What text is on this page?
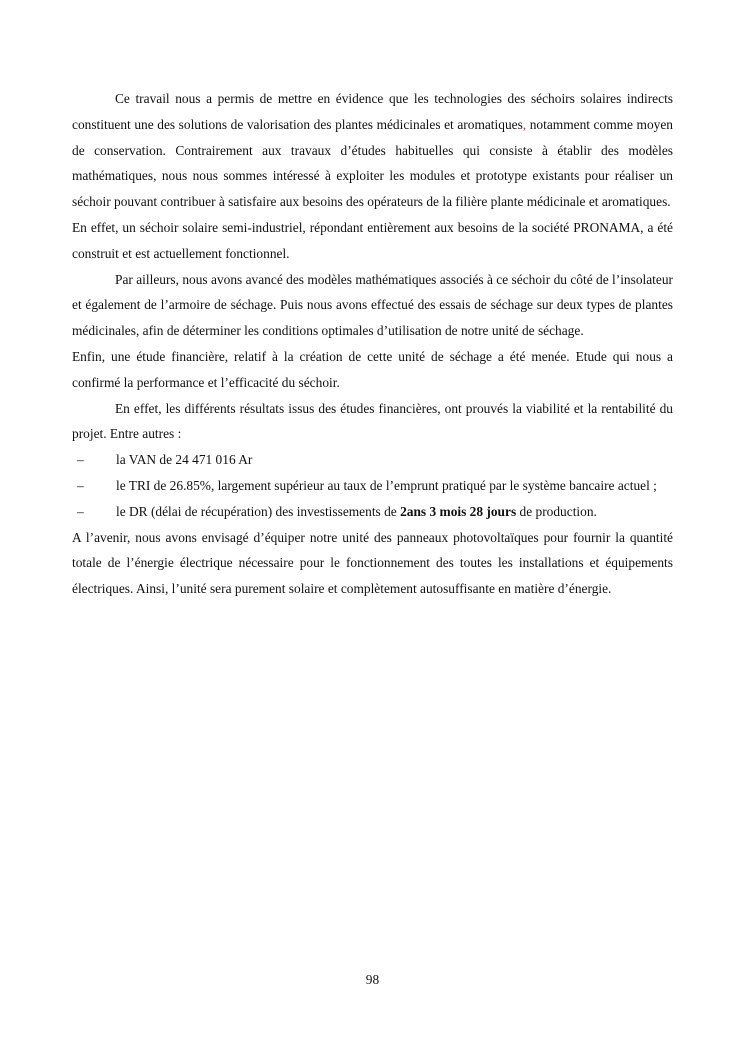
Ce travail nous a permis de mettre en évidence que les technologies des séchoirs solaires indirects constituent une des solutions de valorisation des plantes médicinales et aromatiques, notamment comme moyen de conservation. Contrairement aux travaux d’études habituelles qui consiste à établir des modèles mathématiques, nous nous sommes intéressé à exploiter les modules et prototype existants pour réaliser un séchoir pouvant contribuer à satisfaire aux besoins des opérateurs de la filière plante médicinale et aromatiques.

En effet, un séchoir solaire semi-industriel, répondant entièrement aux besoins de la société PRONAMA, a été construit et est actuellement fonctionnel.

Par ailleurs, nous avons avancé des modèles mathématiques associés à ce séchoir du côté de l’insolateur et également de l’armoire de séchage. Puis nous avons effectué des essais de séchage sur deux types de plantes médicinales, afin de déterminer les conditions optimales d’utilisation de notre unité de séchage.

Enfin, une étude financière, relatif à la création de cette unité de séchage a été menée. Etude qui nous a confirmé la performance et l’efficacité du séchoir.

En effet, les différents résultats issus des études financières, ont prouvés la viabilité et la rentabilité du projet. Entre autres :

–	la VAN de 24 471 016 Ar

– le TRI de 26.85%, largement supérieur au taux de l’emprunt pratiqué par le système bancaire actuel ;

–	le DR (délai de récupération) des investissements de 2ans 3 mois 28 jours de production.

A l’avenir, nous avons envisagé d’équiper notre unité des panneaux photovoltaïques pour fournir la quantité totale de l’énergie électrique nécessaire pour le fonctionnement des toutes les installations et équipements électriques. Ainsi, l’unité sera purement solaire et complètement autosuffisante en matière d’énergie.

98
